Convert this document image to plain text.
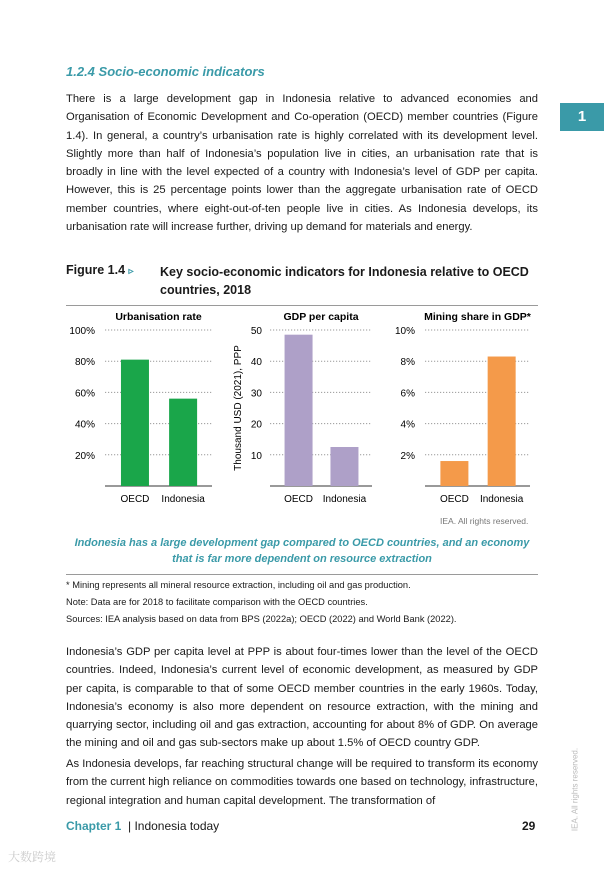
1.2.4 Socio-economic indicators
1

There is a large development gap in Indonesia relative to advanced economies and Organisation of Economic Development and Co-operation (OECD) member countries (Figure 1.4). In general, a country’s urbanisation rate is highly correlated with its development level. Slightly more than half of Indonesia’s population live in cities, an urbanisation rate that is broadly in line with the level expected of a country with Indonesia’s level of GDP per capita. However, this is 25 percentage points lower than the aggregate urbanisation rate of OECD member countries, where eight-out-of-ten people live in cities. As Indonesia develops, its urbanisation rate will increase further, driving up demand for materials and energy.

Figure 1.4 ▹ Key socio-economic indicators for Indonesia relative to OECD countries, 2018
Urbanisation rate
20%
40%
60%
80%
100%
OECD Indonesia
GDP per capita
10
20
30
40
50
OECD Indonesia
Thousand USD (2021), PPP
Mining share in GDP*
2%
4%
6%
8%
10%
OECD Indonesia
IEA. All rights reserved.
Indonesia has a large development gap compared to OECD countries, and an economy that is far more dependent on resource extraction
* Mining represents all mineral resource extraction, including oil and gas production.
Note: Data are for 2018 to facilitate comparison with the OECD countries.
Sources: IEA analysis based on data from BPS (2022a); OECD (2022) and World Bank (2022).

Indonesia’s GDP per capita level at PPP is about four-times lower than the level of the OECD countries. Indeed, Indonesia’s current level of economic development, as measured by GDP per capita, is comparable to that of some OECD member countries in the early 1960s. Today, Indonesia’s economy is also more dependent on resource extraction, with the mining and quarrying sector, including oil and gas extraction, accounting for about 8% of GDP. On average the mining and oil and gas sub-sectors make up about 1.5% of OECD country GDP.

As Indonesia develops, far reaching structural change will be required to transform its economy from the current high reliance on commodities towards one based on technology, infrastructure, regional integration and human capital development. The transformation of

Chapter 1 | Indonesia today	29	IEA. All rights reserved.
大数跨境
